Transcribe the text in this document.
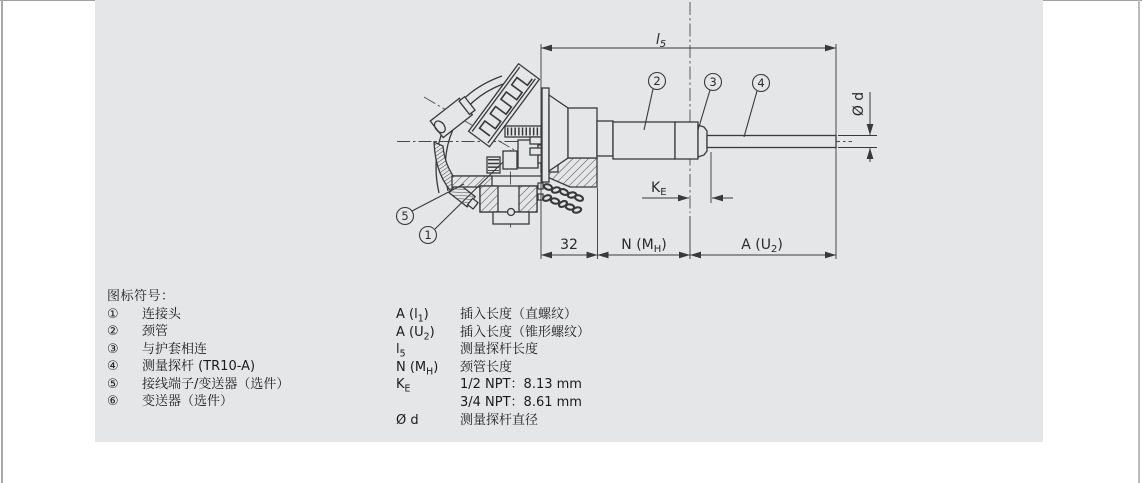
$l_5$
32	N $(M_H)$	A $(U_2)$
$K_E$
Ø d
1
5
2	3	4
图标符号：
①	连接头
②	颈管
③	与护套相连
④	测量探杆 (TR10-A)
⑤	接线端子/变送器（选件）
⑥	变送器（选件）
A $(l_1)$	插入长度（直螺纹）
A $(U_2)$	插入长度（锥形螺纹）
$l_5$	测量探杆长度
N $(M_H)$	颈管长度
$K_E$	1/2 NPT：8.13 mm
3/4 NPT：8.61 mm
Ø d	测量探杆直径
